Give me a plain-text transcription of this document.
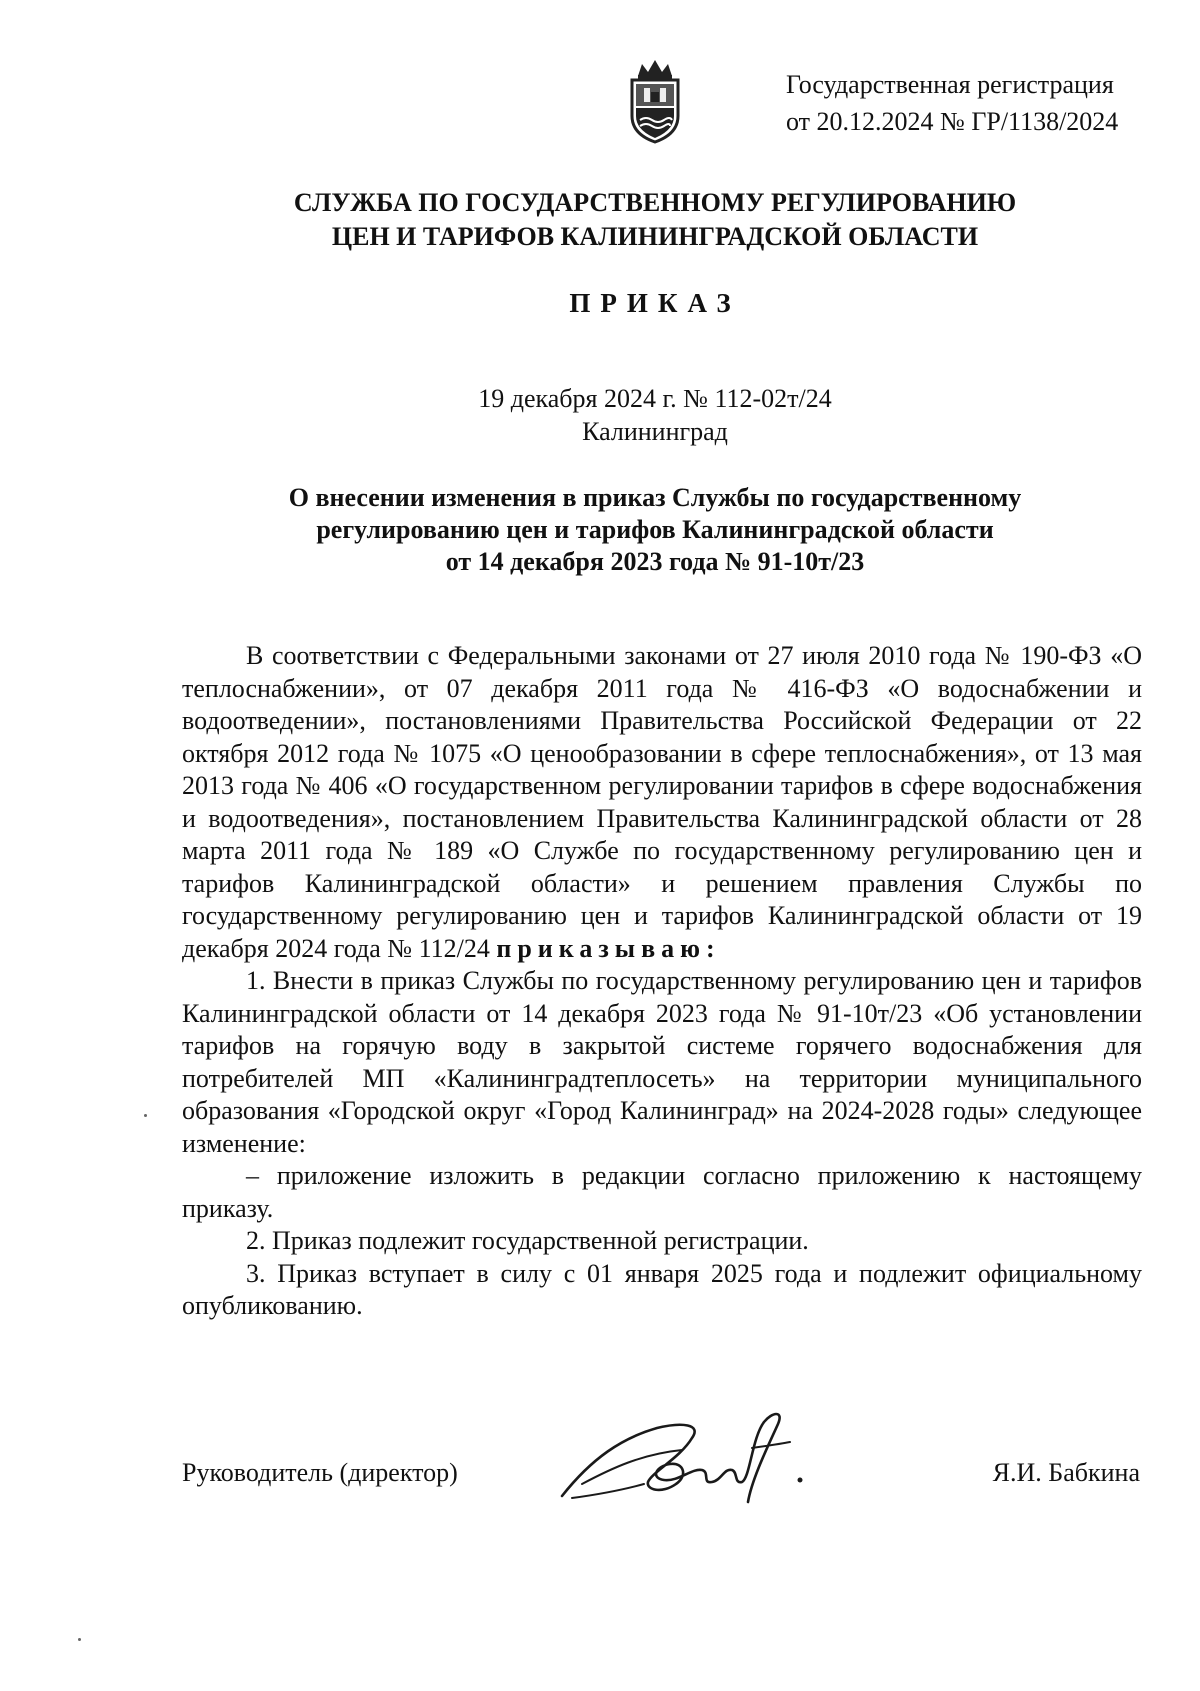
Государственная регистрация
от 20.12.2024 № ГР/1138/2024
СЛУЖБА ПО ГОСУДАРСТВЕННОМУ РЕГУЛИРОВАНИЮ
ЦЕН И ТАРИФОВ КАЛИНИНГРАДСКОЙ ОБЛАСТИ
ПРИКАЗ
19 декабря 2024 г. № 112-02т/24
Калининград
О внесении изменения в приказ Службы по государственному
регулированию цен и тарифов Калининградской области
от 14 декабря 2023 года № 91-10т/23

В соответствии с Федеральными законами от 27 июля 2010 года № 190-ФЗ «О теплоснабжении», от 07 декабря 2011 года № 416-ФЗ «О водоснабжении и водоотведении», постановлениями Правительства Российской Федерации от 22 октября 2012 года № 1075 «О ценообразовании в сфере теплоснабжения», от 13 мая 2013 года № 406 «О государственном регулировании тарифов в сфере водоснабжения и водоотведения», постановлением Правительства Калининградской области от 28 марта 2011 года № 189 «О Службе по государственному регулированию цен и тарифов Калининградской области» и решением правления Службы по государственному регулированию цен и тарифов Калининградской области от 19 декабря 2024 года № 112/24 приказываю:

1. Внести в приказ Службы по государственному регулированию цен и тарифов Калининградской области от 14 декабря 2023 года № 91-10т/23 «Об установлении тарифов на горячую воду в закрытой системе горячего водоснабжения для потребителей МП «Калининградтеплосеть» на территории муниципального образования «Городской округ «Город Калининград» на 2024-2028 годы» следующее изменение:

– приложение изложить в редакции согласно приложению к настоящему приказу.

2. Приказ подлежит государственной регистрации.

3. Приказ вступает в силу с 01 января 2025 года и подлежит официальному опубликованию.

Руководитель (директор)	Я.И. Бабкина
